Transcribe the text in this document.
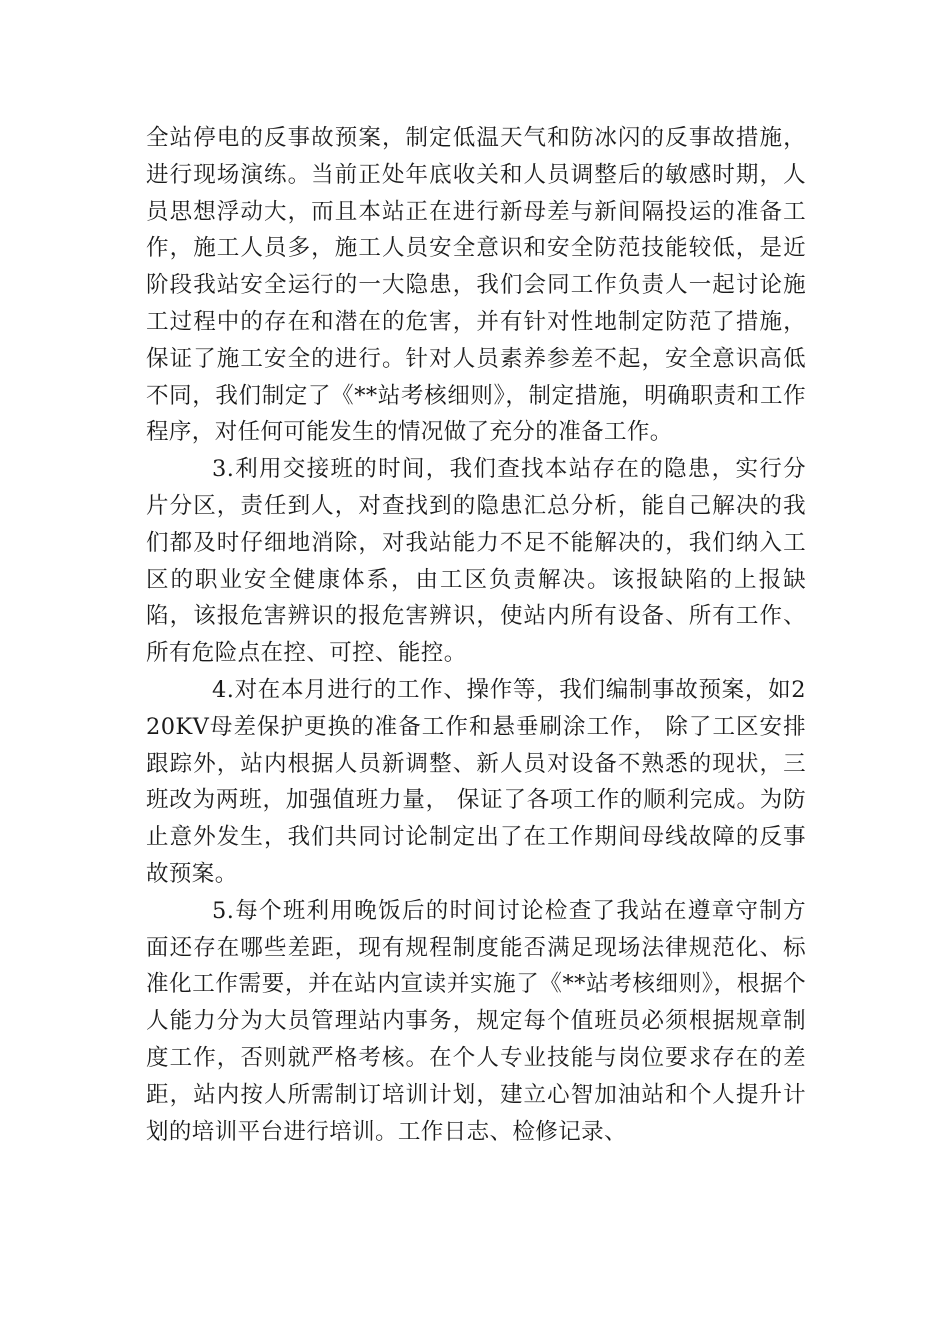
全站停电的反事故预案，制定低温天气和防冰闪的反事故措施，进行现场演练。当前正处年底收关和人员调整后的敏感时期，人员思想浮动大，而且本站正在进行新母差与新间隔投运的准备工作，施工人员多，施工人员安全意识和安全防范技能较低，是近阶段我站安全运行的一大隐患，我们会同工作负责人一起讨论施工过程中的存在和潜在的危害，并有针对性地制定防范了措施，保证了施工安全的进行。针对人员素养参差不起，安全意识高低不同，我们制定了《**站考核细则》，制定措施，明确职责和工作程序，对任何可能发生的情况做了充分的准备工作。

3.利用交接班的时间，我们查找本站存在的隐患，实行分片分区，责任到人，对查找到的隐患汇总分析，能自己解决的我们都及时仔细地消除，对我站能力不足不能解决的，我们纳入工区的职业安全健康体系，由工区负责解决。该报缺陷的上报缺陷，该报危害辨识的报危害辨识，使站内所有设备、所有工作、所有危险点在控、可控、能控。

4.对在本月进行的工作、操作等，我们编制事故预案，如220KV母差保护更换的准备工作和悬垂刷涂工作， 除了工区安排跟踪外，站内根据人员新调整、新人员对设备不熟悉的现状，三班改为两班，加强值班力量， 保证了各项工作的顺利完成。为防止意外发生，我们共同讨论制定出了在工作期间母线故障的反事故预案。

5.每个班利用晚饭后的时间讨论检查了我站在遵章守制方面还存在哪些差距，现有规程制度能否满足现场法律规范化、标准化工作需要，并在站内宣读并实施了《**站考核细则》，根据个人能力分为大员管理站内事务，规定每个值班员必须根据规章制度工作，否则就严格考核。在个人专业技能与岗位要求存在的差距，站内按人所需制订培训计划，建立心智加油站和个人提升计划的培训平台进行培训。工作日志、检修记录、
